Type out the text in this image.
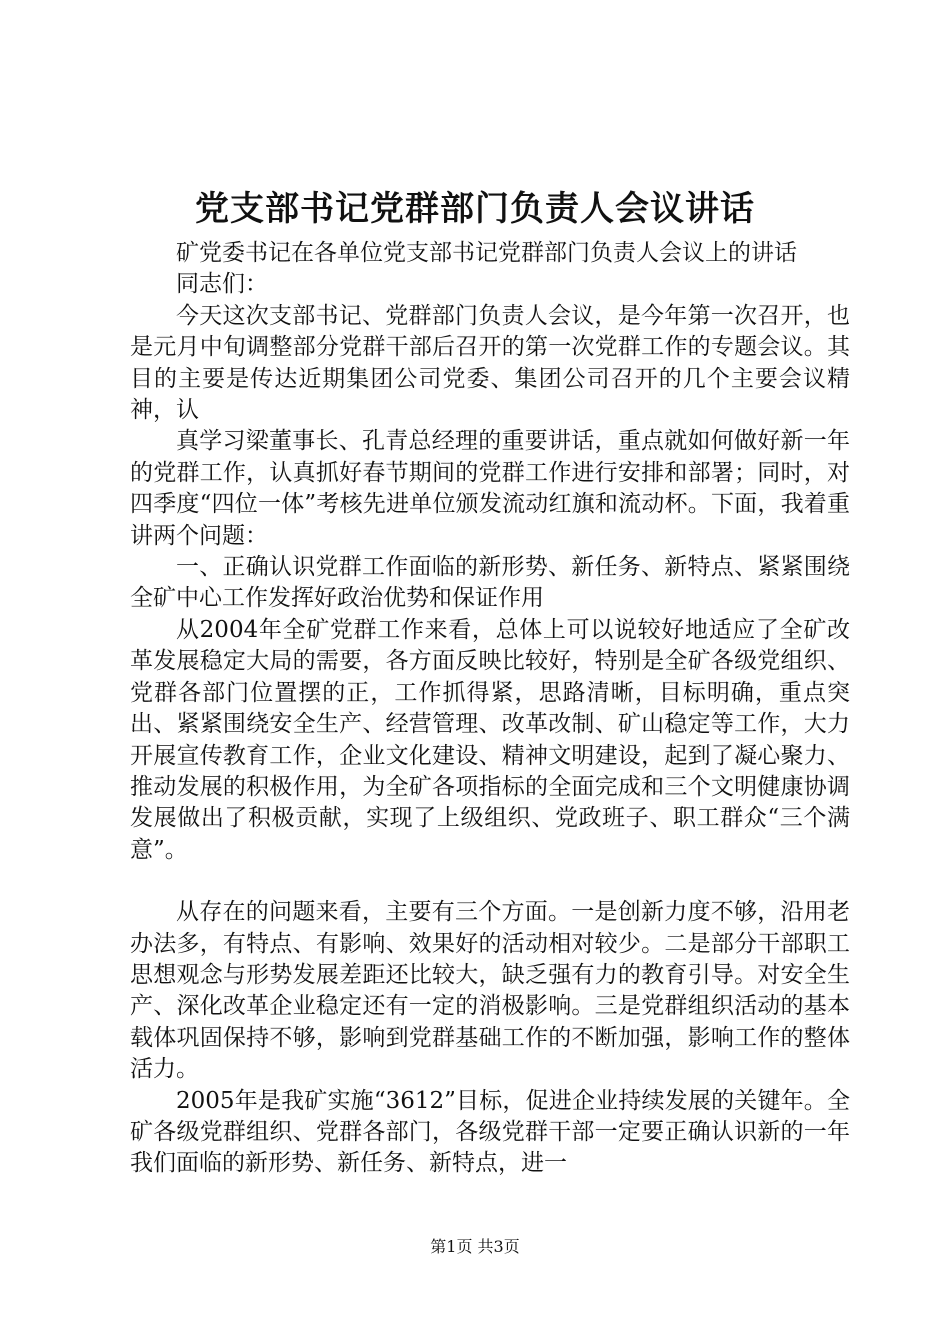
党支部书记党群部门负责人会议讲话

矿党委书记在各单位党支部书记党群部门负责人会议上的讲话

同志们：

今天这次支部书记、党群部门负责人会议，是今年第一次召开，也是元月中旬调整部分党群干部后召开的第一次党群工作的专题会议。其目的主要是传达近期集团公司党委、集团公司召开的几个主要会议精神，认

真学习梁董事长、孔青总经理的重要讲话，重点就如何做好新一年的党群工作，认真抓好春节期间的党群工作进行安排和部署；同时，对四季度“四位一体”考核先进单位颁发流动红旗和流动杯。下面，我着重讲两个问题：

一、正确认识党群工作面临的新形势、新任务、新特点、紧紧围绕全矿中心工作发挥好政治优势和保证作用

从2004年全矿党群工作来看，总体上可以说较好地适应了全矿改革发展稳定大局的需要，各方面反映比较好，特别是全矿各级党组织、党群各部门位置摆的正，工作抓得紧，思路清晰，目标明确，重点突出、紧紧围绕安全生产、经营管理、改革改制、矿山稳定等工作，大力开展宣传教育工作，企业文化建设、精神文明建设，起到了凝心聚力、推动发展的积极作用，为全矿各项指标的全面完成和三个文明健康协调发展做出了积极贡献，实现了上级组织、党政班子、职工群众“三个满意”。

从存在的问题来看，主要有三个方面。一是创新力度不够，沿用老办法多，有特点、有影响、效果好的活动相对较少。二是部分干部职工思想观念与形势发展差距还比较大，缺乏强有力的教育引导。对安全生产、深化改革企业稳定还有一定的消极影响。三是党群组织活动的基本载体巩固保持不够，影响到党群基础工作的不断加强，影响工作的整体活力。

2005年是我矿实施“3612”目标，促进企业持续发展的关键年。全矿各级党群组织、党群各部门，各级党群干部一定要正确认识新的一年我们面临的新形势、新任务、新特点，进一

第1页 共3页
